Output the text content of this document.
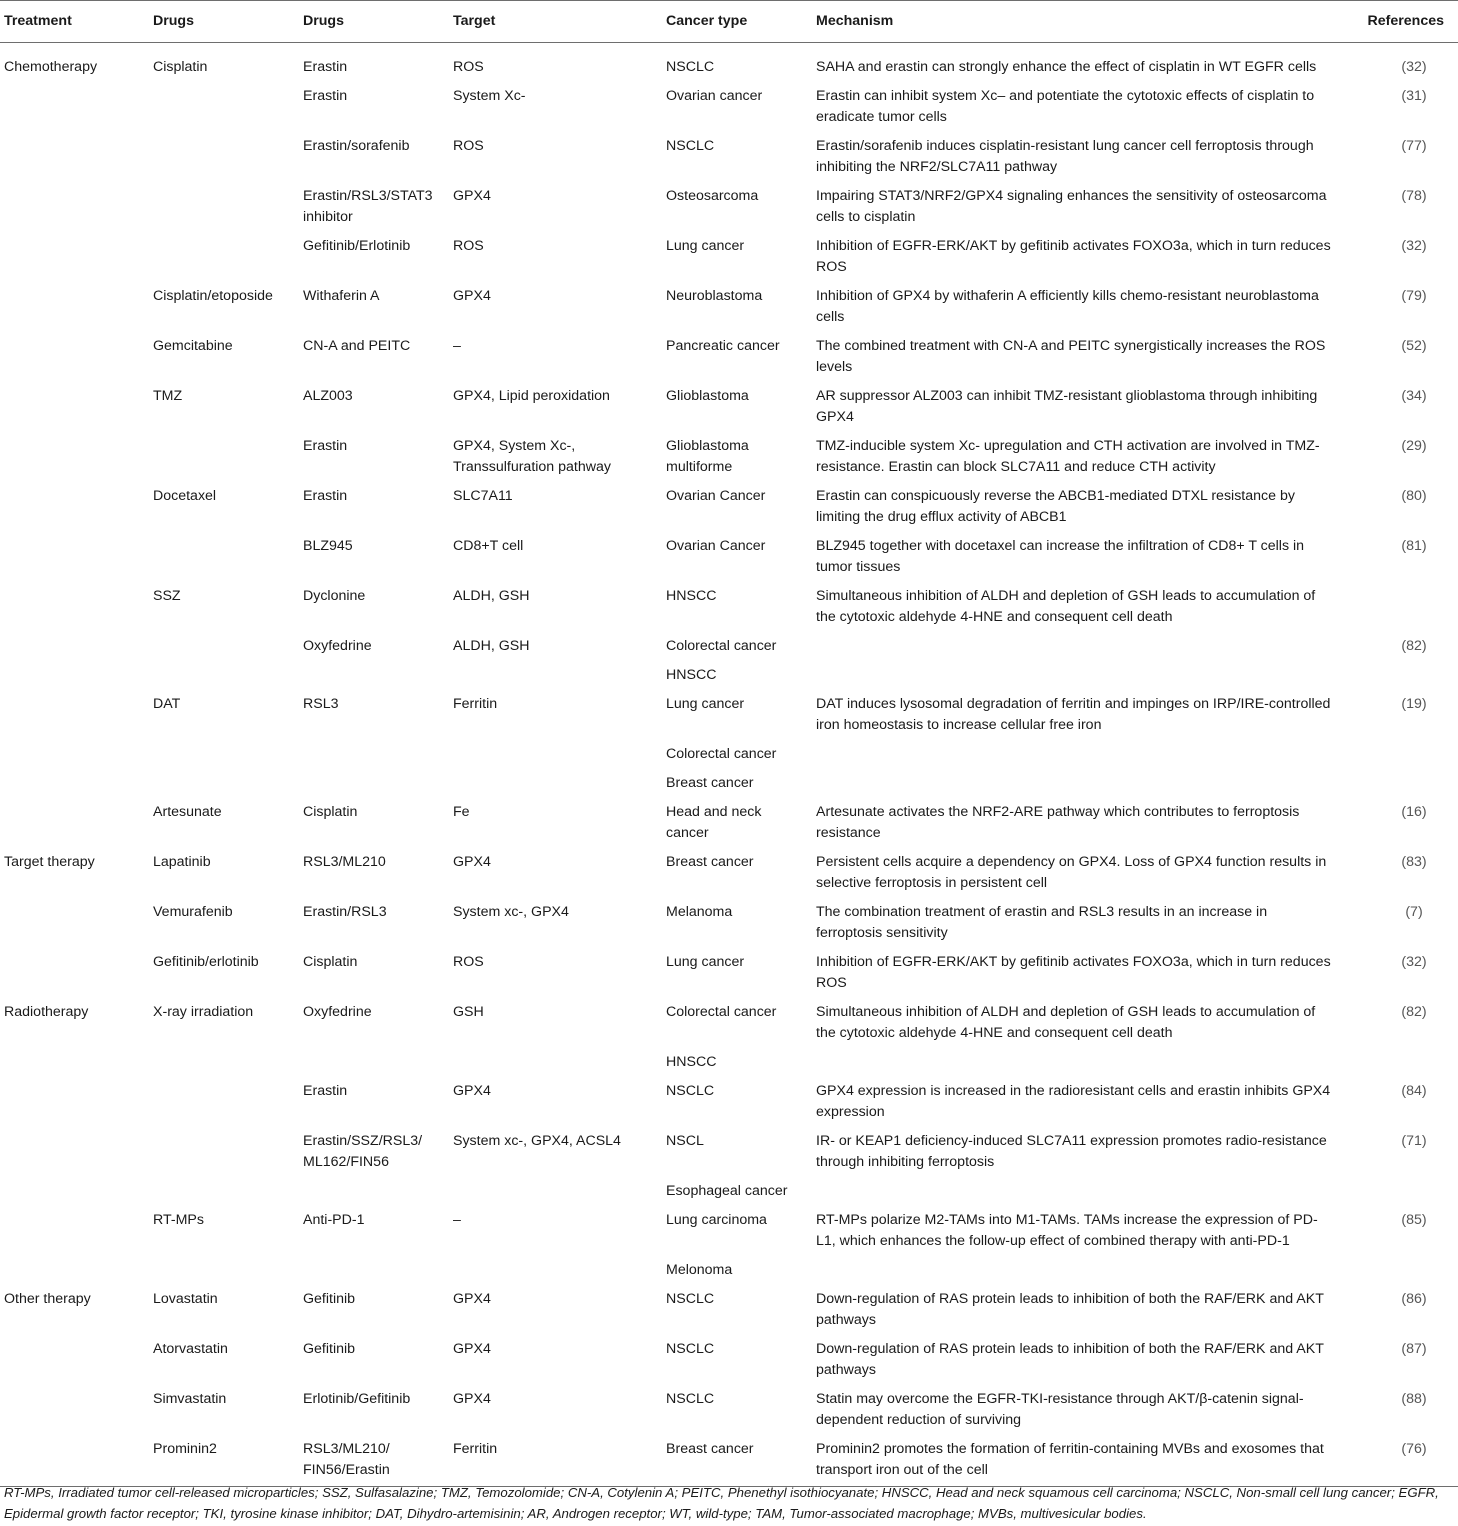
Treatment	Drugs	Drugs	Target	Cancer type	Mechanism	References
Chemotherapy	Cisplatin	Erastin	ROS	NSCLC	SAHA and erastin can strongly enhance the effect of cisplatin in WT EGFR cells	(32)
		Erastin	System Xc-	Ovarian cancer	Erastin can inhibit system Xc– and potentiate the cytotoxic effects of cisplatin to eradicate tumor cells	(31)
		Erastin/sorafenib	ROS	NSCLC	Erastin/sorafenib induces cisplatin-resistant lung cancer cell ferroptosis through inhibiting the NRF2/SLC7A11 pathway	(77)
		Erastin/RSL3/STAT3 inhibitor	GPX4	Osteosarcoma	Impairing STAT3/NRF2/GPX4 signaling enhances the sensitivity of osteosarcoma cells to cisplatin	(78)
		Gefitinib/Erlotinib	ROS	Lung cancer	Inhibition of EGFR-ERK/AKT by gefitinib activates FOXO3a, which in turn reduces ROS	(32)
	Cisplatin/etoposide	Withaferin A	GPX4	Neuroblastoma	Inhibition of GPX4 by withaferin A efficiently kills chemo-resistant neuroblastoma cells	(79)
	Gemcitabine	CN-A and PEITC	–	Pancreatic cancer	The combined treatment with CN-A and PEITC synergistically increases the ROS levels	(52)
	TMZ	ALZ003	GPX4, Lipid peroxidation	Glioblastoma	AR suppressor ALZ003 can inhibit TMZ-resistant glioblastoma through inhibiting GPX4	(34)
		Erastin	GPX4, System Xc-, Transsulfuration pathway	Glioblastoma multiforme	TMZ-inducible system Xc- upregulation and CTH activation are involved in TMZ-resistance. Erastin can block SLC7A11 and reduce CTH activity	(29)
	Docetaxel	Erastin	SLC7A11	Ovarian Cancer	Erastin can conspicuously reverse the ABCB1-mediated DTXL resistance by limiting the drug efflux activity of ABCB1	(80)
		BLZ945	CD8+T cell	Ovarian Cancer	BLZ945 together with docetaxel can increase the infiltration of CD8+ T cells in tumor tissues	(81)
	SSZ	Dyclonine	ALDH, GSH	HNSCC	Simultaneous inhibition of ALDH and depletion of GSH leads to accumulation of the cytotoxic aldehyde 4-HNE and consequent cell death	
		Oxyfedrine	ALDH, GSH	Colorectal cancer		(82)
				HNSCC		
	DAT	RSL3	Ferritin	Lung cancer	DAT induces lysosomal degradation of ferritin and impinges on IRP/IRE-controlled iron homeostasis to increase cellular free iron	(19)
				Colorectal cancer		
				Breast cancer		
	Artesunate	Cisplatin	Fe	Head and neck cancer	Artesunate activates the NRF2-ARE pathway which contributes to ferroptosis resistance	(16)
Target therapy	Lapatinib	RSL3/ML210	GPX4	Breast cancer	Persistent cells acquire a dependency on GPX4. Loss of GPX4 function results in selective ferroptosis in persistent cell	(83)
	Vemurafenib	Erastin/RSL3	System xc-, GPX4	Melanoma	The combination treatment of erastin and RSL3 results in an increase in ferroptosis sensitivity	(7)
	Gefitinib/erlotinib	Cisplatin	ROS	Lung cancer	Inhibition of EGFR-ERK/AKT by gefitinib activates FOXO3a, which in turn reduces ROS	(32)
Radiotherapy	X-ray irradiation	Oxyfedrine	GSH	Colorectal cancer	Simultaneous inhibition of ALDH and depletion of GSH leads to accumulation of the cytotoxic aldehyde 4-HNE and consequent cell death	(82)
				HNSCC		
		Erastin	GPX4	NSCLC	GPX4 expression is increased in the radioresistant cells and erastin inhibits GPX4 expression	(84)
		Erastin/SSZ/RSL3/ ML162/FIN56	System xc-, GPX4, ACSL4	NSCL	IR- or KEAP1 deficiency-induced SLC7A11 expression promotes radio-resistance through inhibiting ferroptosis	(71)
				Esophageal cancer		
	RT-MPs	Anti-PD-1	–	Lung carcinoma	RT-MPs polarize M2-TAMs into M1-TAMs. TAMs increase the expression of PD-L1, which enhances the follow-up effect of combined therapy with anti-PD-1	(85)
				Melonoma		
Other therapy	Lovastatin	Gefitinib	GPX4	NSCLC	Down-regulation of RAS protein leads to inhibition of both the RAF/ERK and AKT pathways	(86)
	Atorvastatin	Gefitinib	GPX4	NSCLC	Down-regulation of RAS protein leads to inhibition of both the RAF/ERK and AKT pathways	(87)
	Simvastatin	Erlotinib/Gefitinib	GPX4	NSCLC	Statin may overcome the EGFR-TKI-resistance through AKT/β-catenin signal-dependent reduction of surviving	(88)
	Prominin2	RSL3/ML210/ FIN56/Erastin	Ferritin	Breast cancer	Prominin2 promotes the formation of ferritin-containing MVBs and exosomes that transport iron out of the cell	(76)
RT-MPs, Irradiated tumor cell-released microparticles; SSZ, Sulfasalazine; TMZ, Temozolomide; CN-A, Cotylenin A; PEITC, Phenethyl isothiocyanate; HNSCC, Head and neck squamous cell carcinoma; NSCLC, Non-small cell lung cancer; EGFR, Epidermal growth factor receptor; TKI, tyrosine kinase inhibitor; DAT, Dihydro-artemisinin; AR, Androgen receptor; WT, wild-type; TAM, Tumor-associated macrophage; MVBs, multivesicular bodies.
